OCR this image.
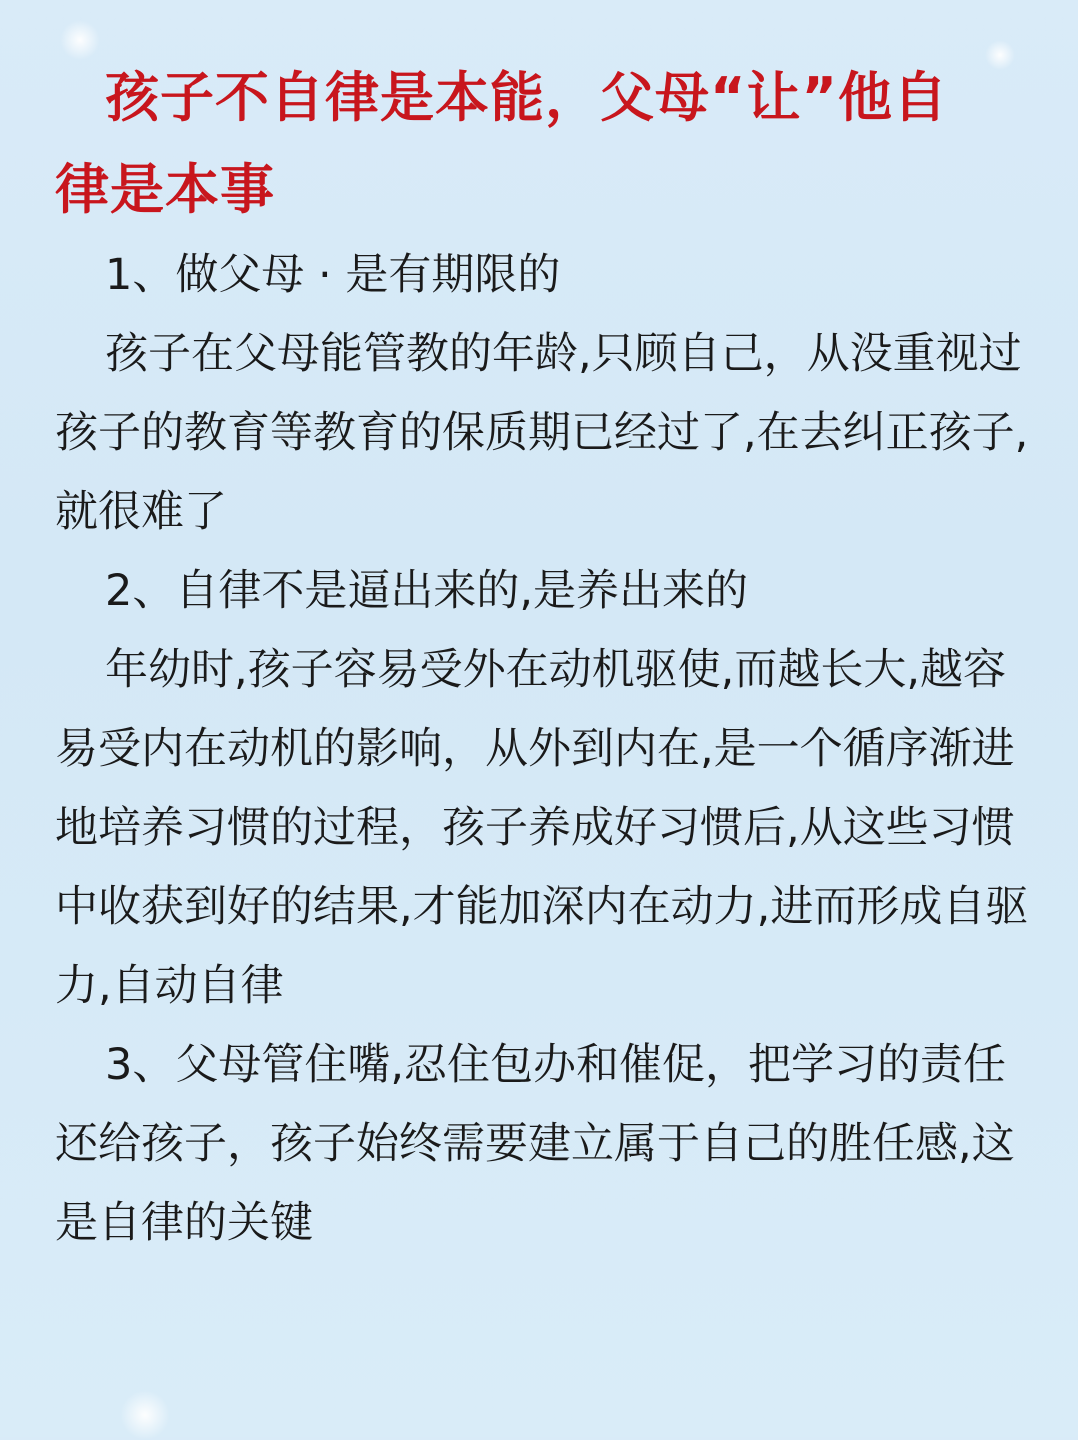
孩子不自律是本能，父母“让”他自
律是本事

1、做父母 · 是有期限的

孩子在父母能管教的年龄,只顾自己，从没重视过孩子的教育等教育的保质期已经过了,在去纠正孩子,就很难了

2、自律不是逼出来的,是养出来的

年幼时,孩子容易受外在动机驱使,而越长大,越容易受内在动机的影响，从外到内在,是一个循序渐进地培养习惯的过程，孩子养成好习惯后,从这些习惯中收获到好的结果,才能加深内在动力,进而形成自驱力,自动自律

3、父母管住嘴,忍住包办和催促，把学习的责任还给孩子，孩子始终需要建立属于自己的胜任感,这是自律的关键
